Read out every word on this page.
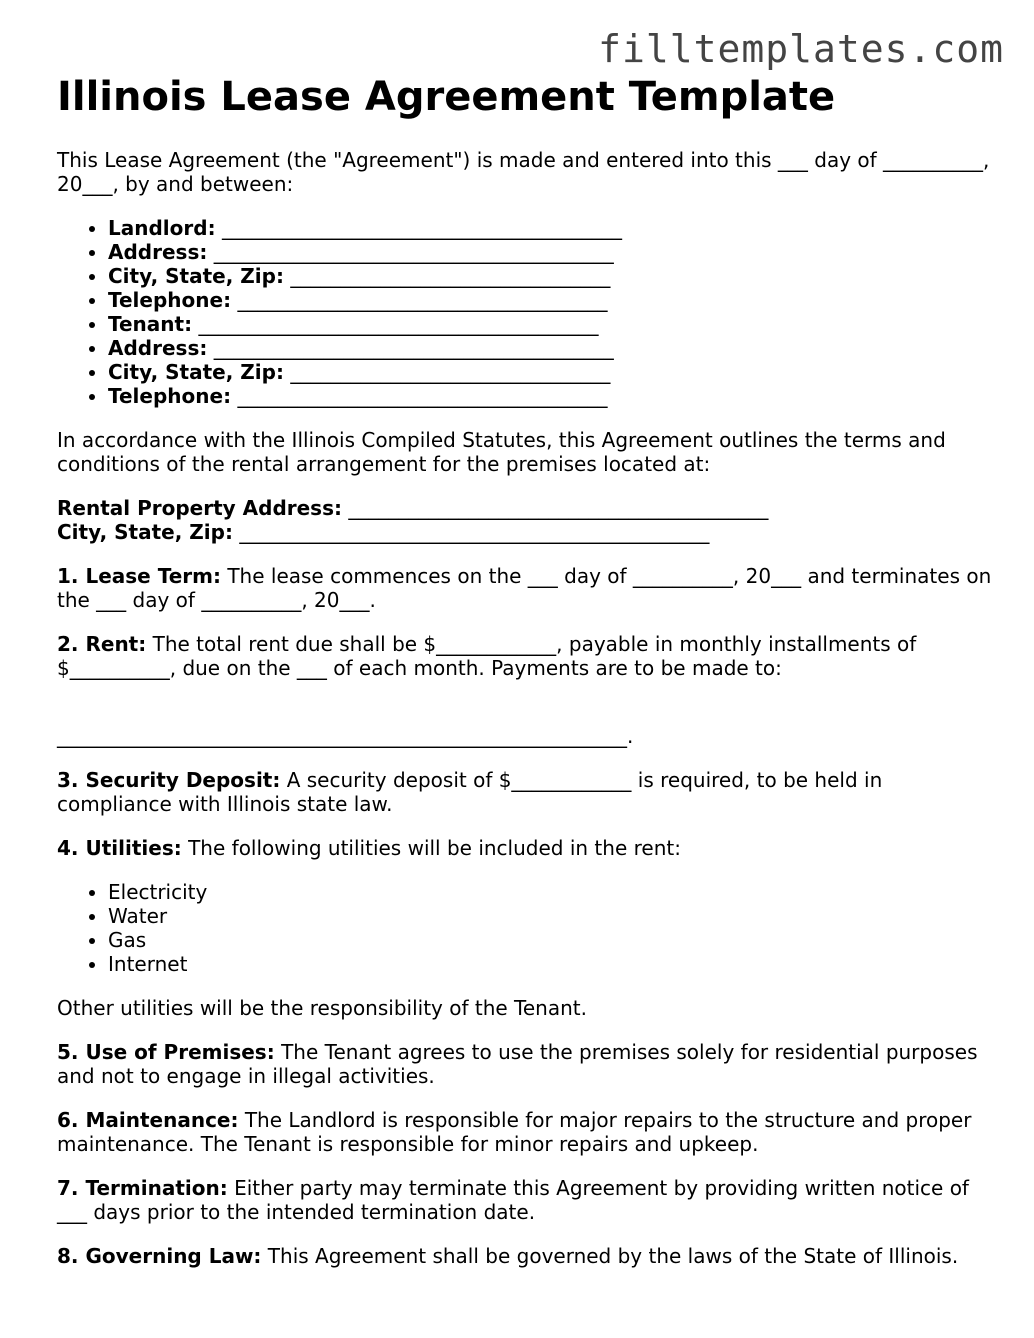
filltemplates.com
Illinois Lease Agreement Template

This Lease Agreement (the "Agreement") is made and entered into this ___ day of __________, 20___, by and between:

• Landlord: ________________________________________
• Address: ________________________________________
• City, State, Zip: ________________________________
• Telephone: _____________________________________
• Tenant: ________________________________________
• Address: ________________________________________
• City, State, Zip: ________________________________
• Telephone: _____________________________________

In accordance with the Illinois Compiled Statutes, this Agreement outlines the terms and conditions of the rental arrangement for the premises located at:

Rental Property Address: __________________________________________
City, State, Zip: _______________________________________________

1. Lease Term: The lease commences on the ___ day of __________, 20___ and terminates on the ___ day of __________, 20___.

2. Rent: The total rent due shall be $____________, payable in monthly installments of $__________, due on the ___ of each month. Payments are to be made to:

_________________________________________________________.

3. Security Deposit: A security deposit of $____________ is required, to be held in compliance with Illinois state law.

4. Utilities: The following utilities will be included in the rent:

• Electricity
• Water
• Gas
• Internet

Other utilities will be the responsibility of the Tenant.

5. Use of Premises: The Tenant agrees to use the premises solely for residential purposes and not to engage in illegal activities.

6. Maintenance: The Landlord is responsible for major repairs to the structure and proper maintenance. The Tenant is responsible for minor repairs and upkeep.

7. Termination: Either party may terminate this Agreement by providing written notice of ___ days prior to the intended termination date.

8. Governing Law: This Agreement shall be governed by the laws of the State of Illinois.
